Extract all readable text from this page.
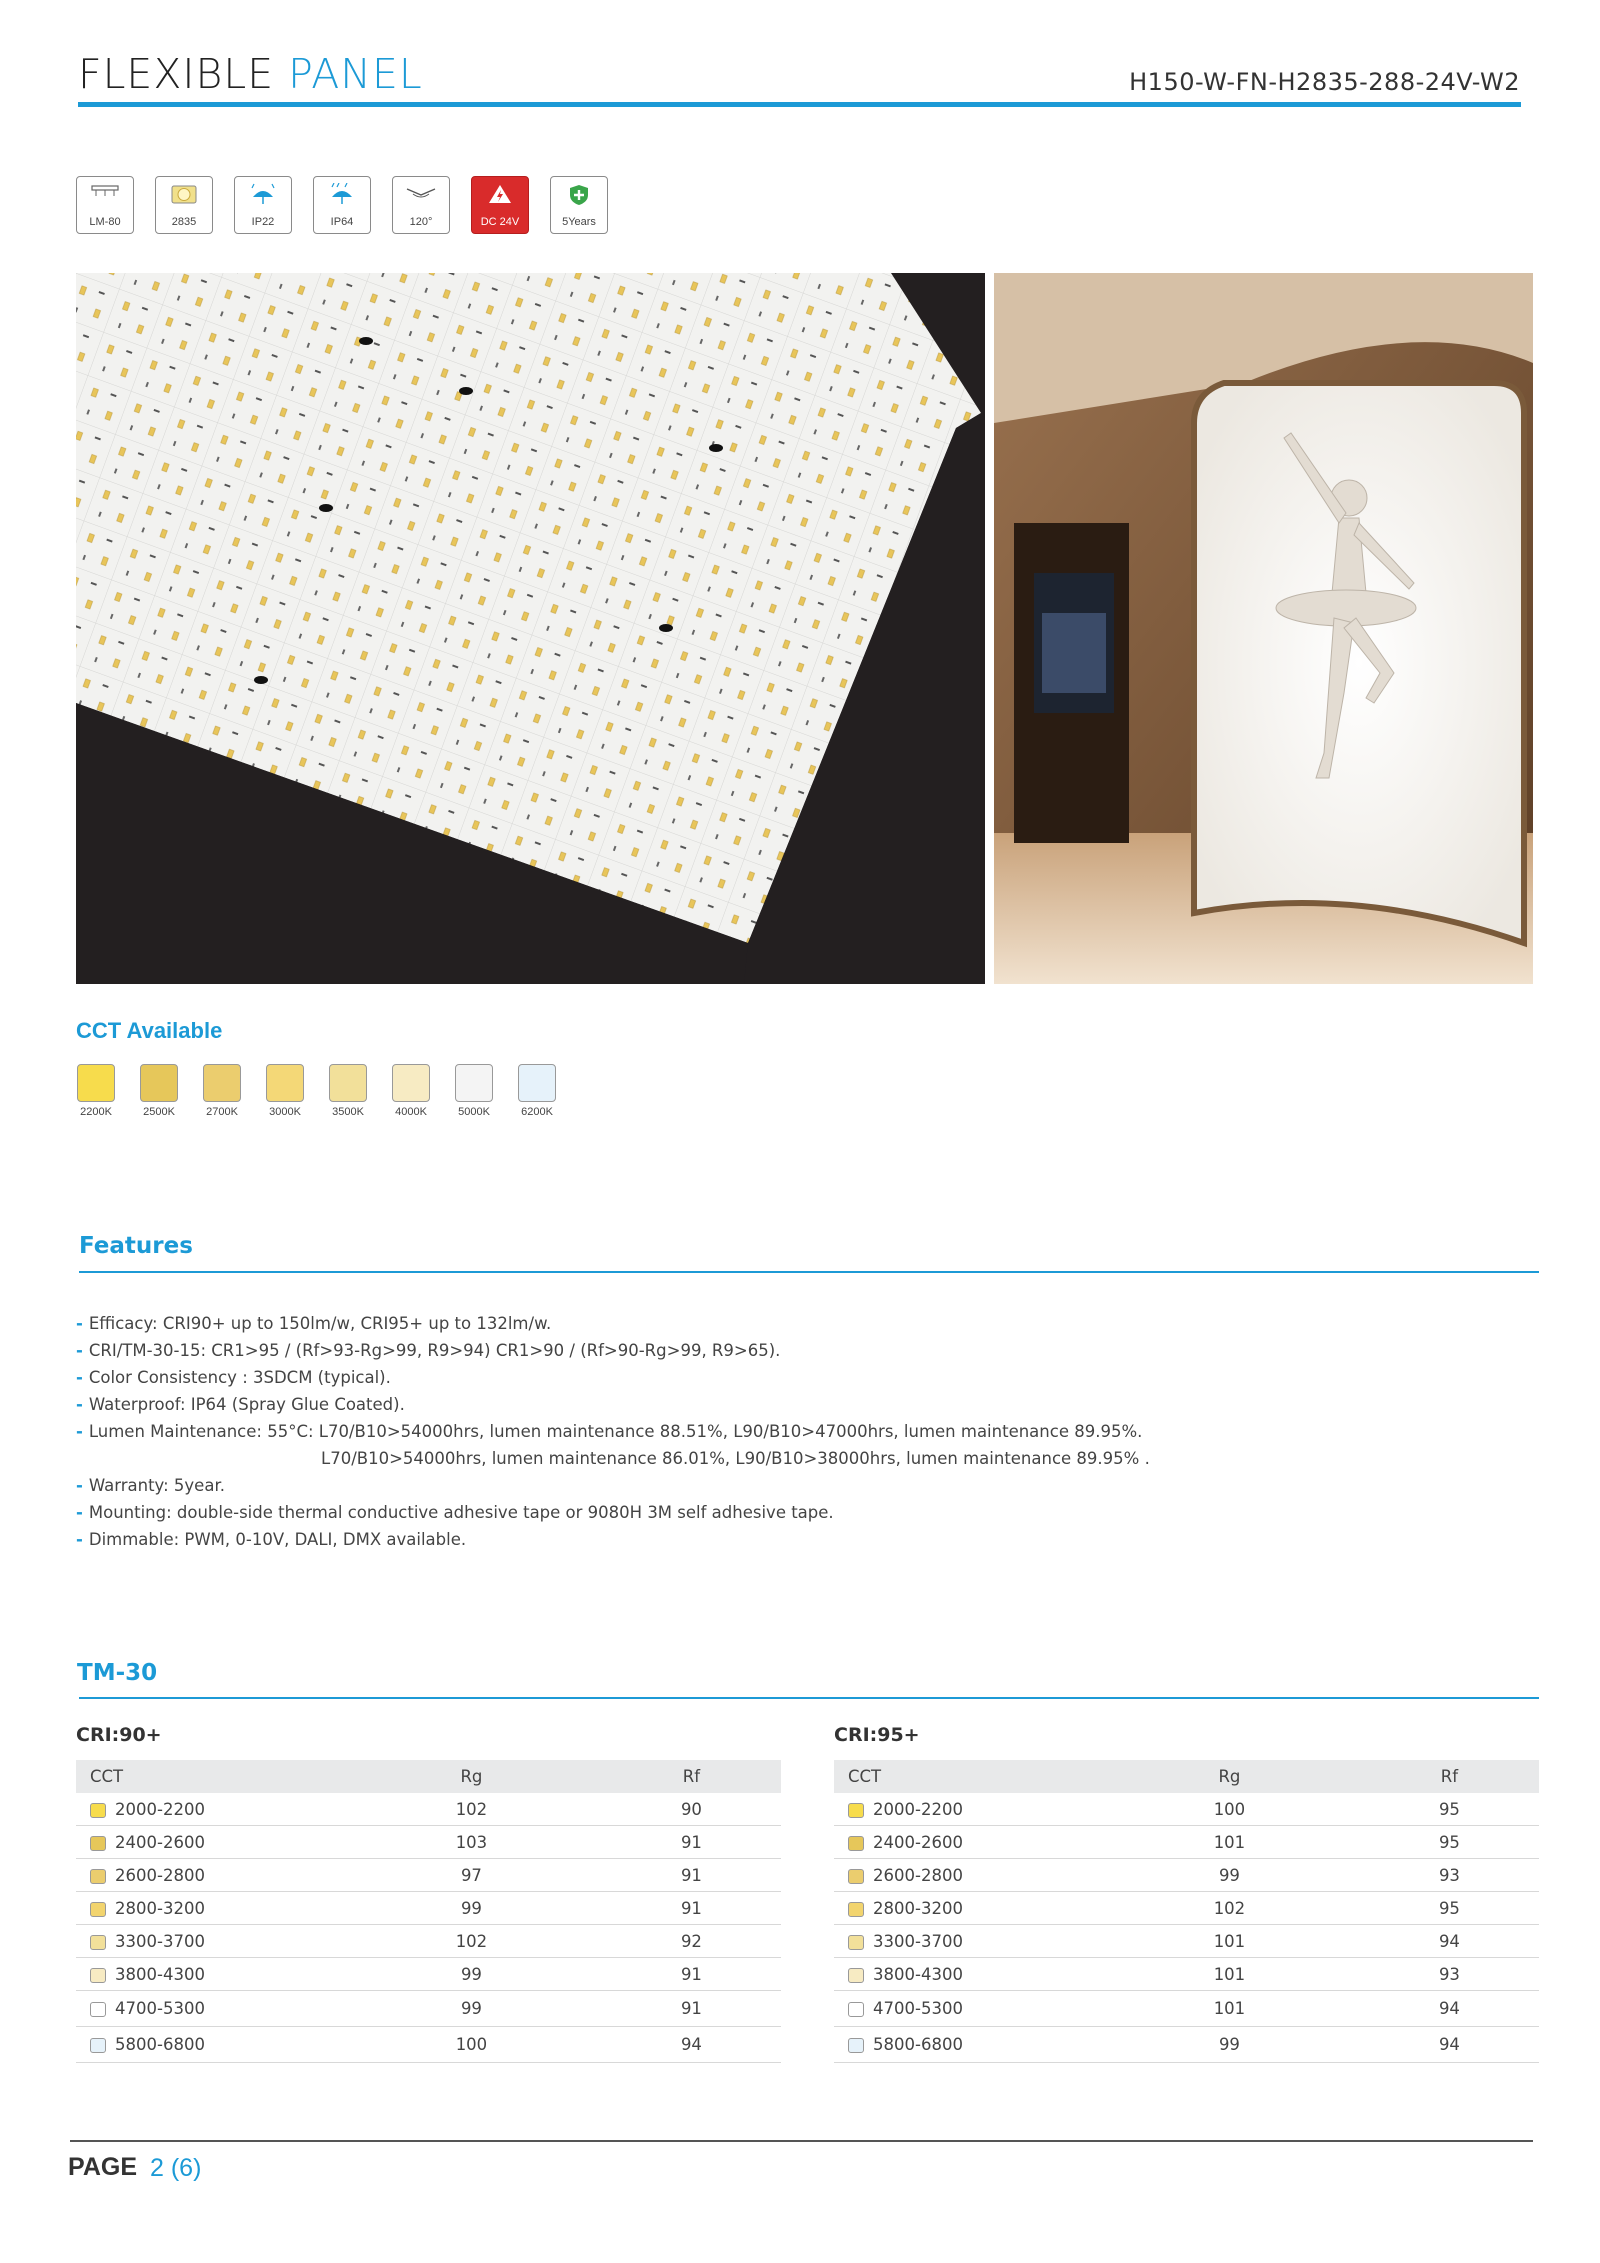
FLEXIBLE PANEL	H150-W-FN-H2835-288-24V-W2
LM-80	2835	IP22	IP64	120°	DC 24V	5Years
CCT Available
2200K	2500K	2700K	3000K	3500K	4000K	5000K	6200K
Features
- Efficacy: CRI90+ up to 150lm/w, CRI95+ up to 132lm/w.
- CRI/TM-30-15: CR1>95 / (Rf>93-Rg>99, R9>94) CR1>90 / (Rf>90-Rg>99, R9>65).
- Color Consistency : 3SDCM (typical).
- Waterproof: IP64 (Spray Glue Coated).
- Lumen Maintenance: 55°C: L70/B10>54000hrs, lumen maintenance 88.51%, L90/B10>47000hrs, lumen maintenance 89.95%.
L70/B10>54000hrs, lumen maintenance 86.01%, L90/B10>38000hrs, lumen maintenance 89.95% .
- Warranty: 5year.
- Mounting: double-side thermal conductive adhesive tape or 9080H 3M self adhesive tape.
- Dimmable: PWM, 0-10V, DALI, DMX available.
TM-30
CRI:90+
CCT	Rg	Rf
2000-2200	102	90
2400-2600	103	91
2600-2800	97	91
2800-3200	99	91
3300-3700	102	92
3800-4300	99	91
4700-5300	99	91
5800-6800	100	94
CRI:95+
CCT	Rg	Rf
2000-2200	100	95
2400-2600	101	95
2600-2800	99	93
2800-3200	102	95
3300-3700	101	94
3800-4300	101	93
4700-5300	101	94
5800-6800	99	94
PAGE 2 (6)
